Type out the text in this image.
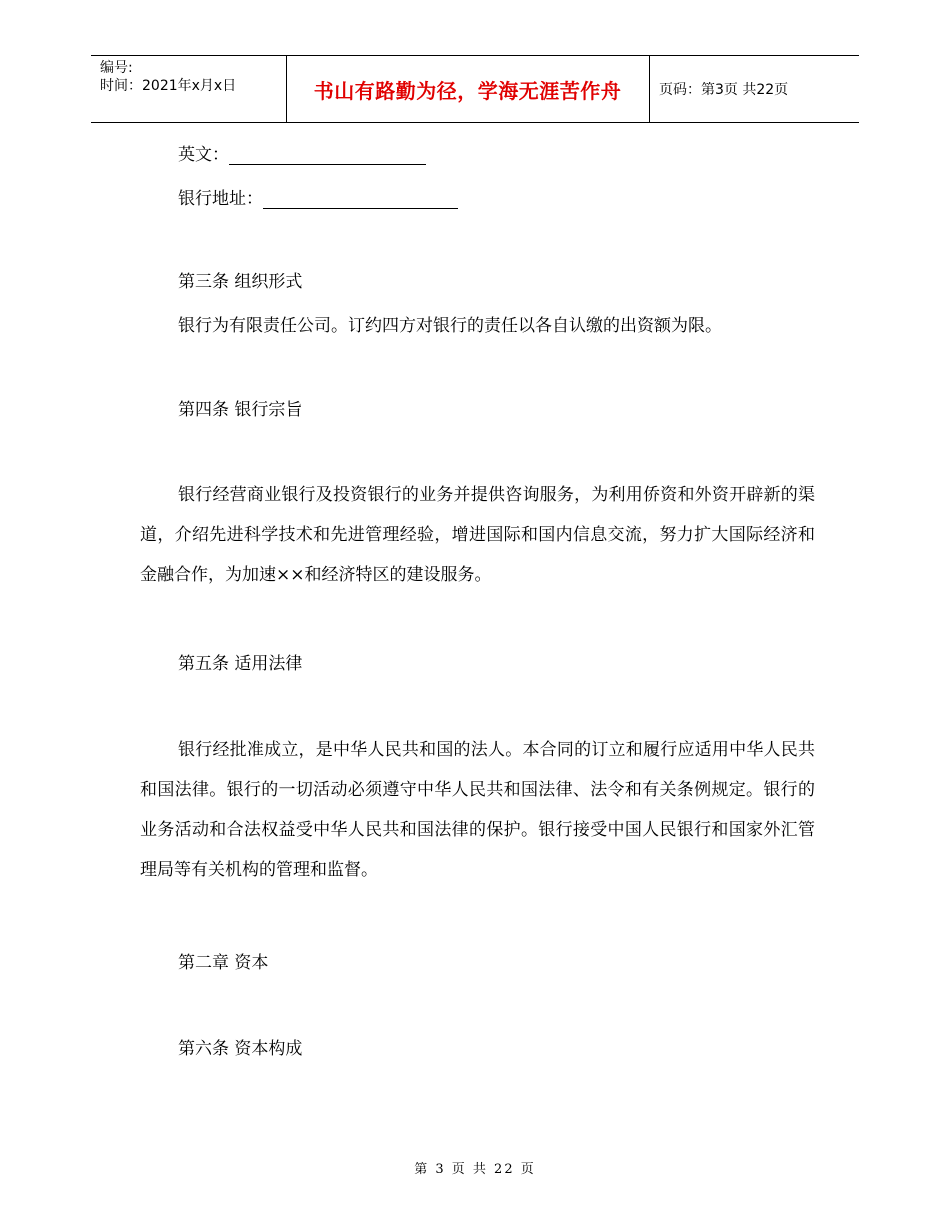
编号:
时间：2021年x月x日	书山有路勤为径，学海无涯苦作舟	页码：第3页 共22页
英文：
银行地址：
第三条 组织形式
银行为有限责任公司。订约四方对银行的责任以各自认缴的出资额为限。
第四条 银行宗旨
银行经营商业银行及投资银行的业务并提供咨询服务，为利用侨资和外资开辟新的渠道，介绍先进科学技术和先进管理经验，增进国际和国内信息交流，努力扩大国际经济和金融合作，为加速××和经济特区的建设服务。
第五条 适用法律
银行经批准成立，是中华人民共和国的法人。本合同的订立和履行应适用中华人民共和国法律。银行的一切活动必须遵守中华人民共和国法律、法令和有关条例规定。银行的业务活动和合法权益受中华人民共和国法律的保护。银行接受中国人民银行和国家外汇管理局等有关机构的管理和监督。
第二章 资本
第六条 资本构成
第 3 页 共 22 页
